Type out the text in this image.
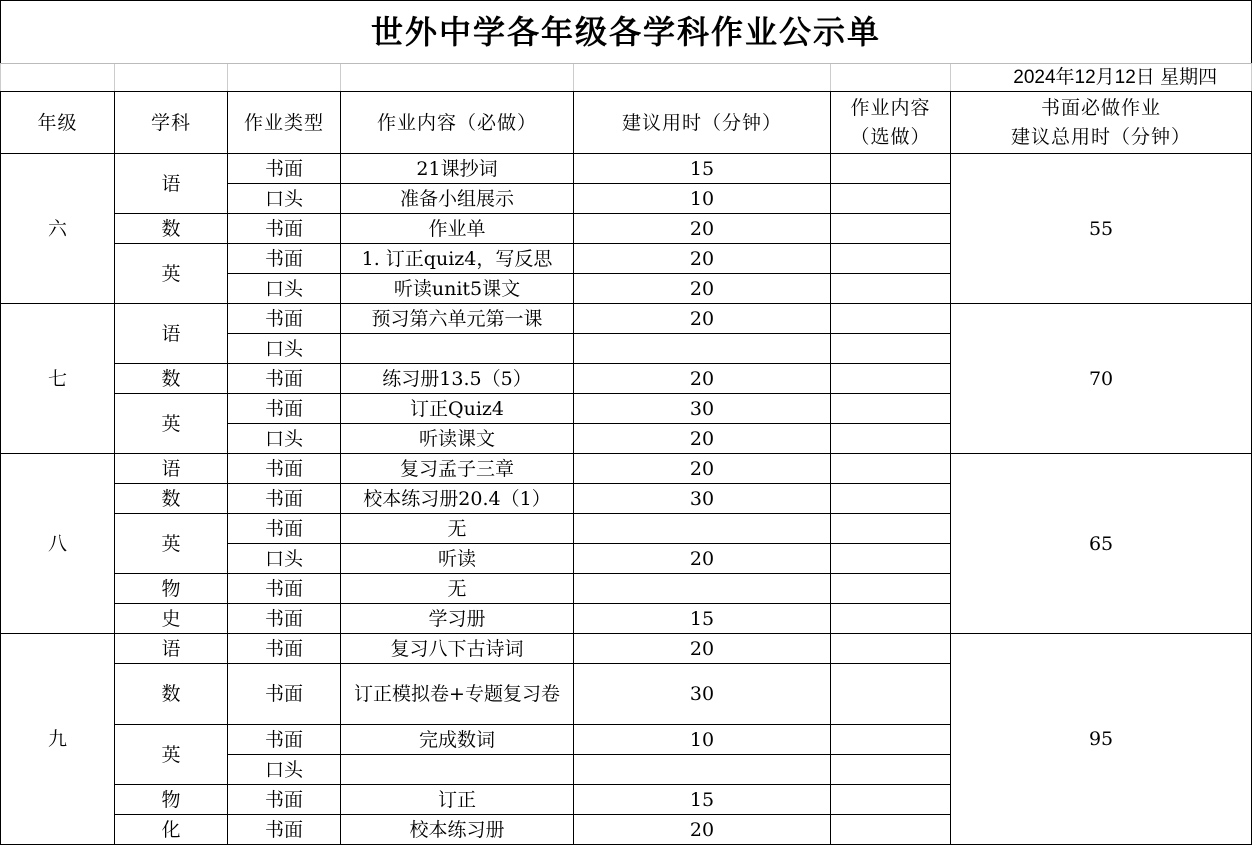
世外中学各年级各学科作业公示单						
						2024年12月12日 星期四
年级	学科	作业类型	作业内容（必做）	建议用时（分钟）	作业内容（选做）	书面必做作业
建议总用时（分钟）
六	语	书面	21课抄词	15		55
		口头	准备小组展示	10		
	数	书面	作业单	20		
	英	书面	1. 订正quiz4，写反思	20		
		口头	听读unit5课文	20		
七	语	书面	预习第六单元第一课	20		70
		口头				
	数	书面	练习册13.5（5）	20		
	英	书面	订正Quiz4	30		
		口头	听读课文	20		
八	语	书面	复习孟子三章	20		65
	数	书面	校本练习册20.4（1）	30		
	英	书面	无			
		口头	听读	20		
	物	书面	无			
	史	书面	学习册	15		
九	语	书面	复习八下古诗词	20		95
	数	书面	订正模拟卷+专题复习卷	30		
	英	书面	完成数词	10		
		口头				
	物	书面	订正	15		
	化	书面	校本练习册	20		
